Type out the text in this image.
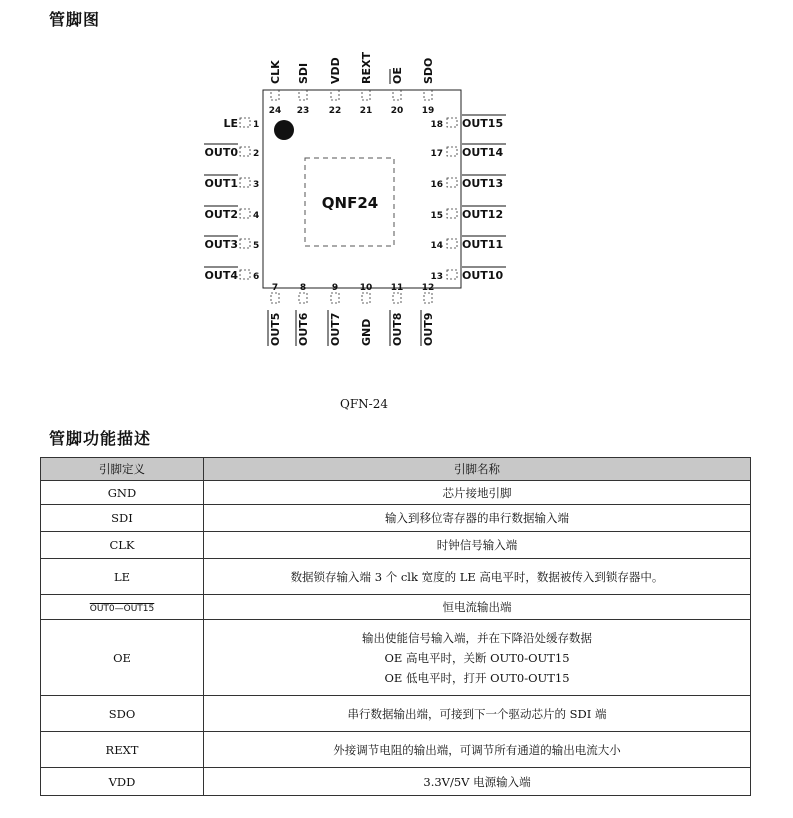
管脚图
QNF24
24
CLK
23
SDI
22
VDD
21
REXT
20
OE
19
SDO
1
LE
2
OUT0
3
OUT1
4
OUT2
5
OUT3
6
OUT4
18 OUT15
17 OUT14
16 OUT13
15 OUT12
14 OUT11
13 OUT10
7
OUT5
8
OUT6
9
OUT7
10
GND
11
OUT8
12
OUT9
QFN-24
管脚功能描述
引脚定义	引脚名称
GND	芯片接地引脚
SDI	输入到移位寄存器的串行数据输入端
CLK	时钟信号输入端
LE	数据锁存输入端 3 个 clk 宽度的 LE 高电平时，数据被传入到锁存器中。
OUT0—OUT15	恒电流输出端
OE	输出使能信号输入端，并在下降沿处缓存数据
OE 高电平时，关断 OUT0-OUT15
OE 低电平时，打开 OUT0-OUT15

SDO	串行数据输出端，可接到下一个驱动芯片的 SDI 端
REXT	外接调节电阻的输出端，可调节所有通道的输出电流大小
VDD	3.3V/5V 电源输入端
